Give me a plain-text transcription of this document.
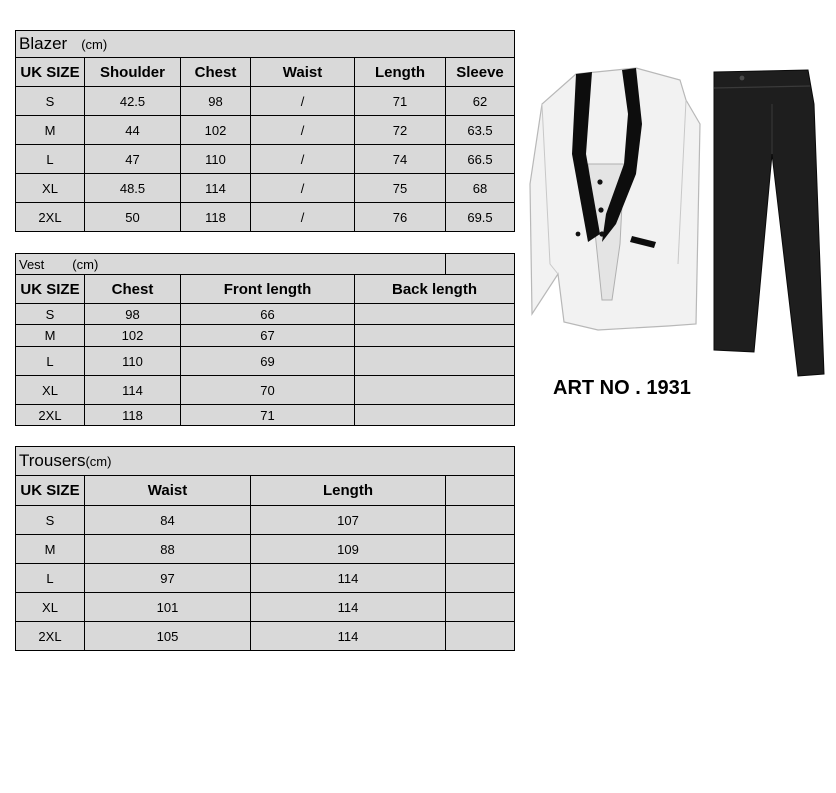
Blazer (cm)					
UK SIZE	Shoulder	Chest	Waist	Length	Sleeve
S	42.5	98	/	71	62
M	44	102	/	72	63.5
L	47	110	/	74	66.5
XL	48.5	114	/	75	68
2XL	50	118	/	76	69.5
Vest (cm)				
UK SIZE	Chest	Front length	Back length	
S	98	66		
M	102	67		
L	110	69		
XL	114	70		
2XL	118	71		
Trousers(cm)			
UK SIZE	Waist	Length	
S	84	107	
M	88	109	
L	97	114	
XL	101	114	
2XL	105	114	
ART NO . 1931
